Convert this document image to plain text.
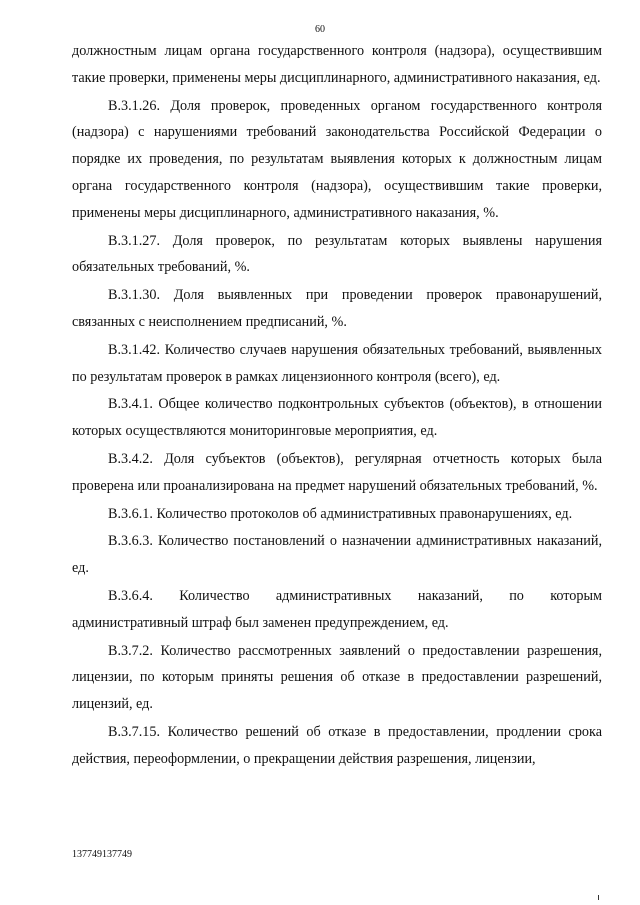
60

должностным лицам органа государственного контроля (надзора), осуществившим такие проверки, применены меры дисциплинарного, административного наказания, ед.

В.3.1.26. Доля проверок, проведенных органом государственного контроля (надзора) с нарушениями требований законодательства Российской Федерации о порядке их проведения, по результатам выявления которых к должностным лицам органа государственного контроля (надзора), осуществившим такие проверки, применены меры дисциплинарного, административного наказания, %.

В.3.1.27. Доля проверок, по результатам которых выявлены нарушения обязательных требований, %.

В.3.1.30. Доля выявленных при проведении проверок правонарушений, связанных с неисполнением предписаний, %.

В.3.1.42. Количество случаев нарушения обязательных требований, выявленных по результатам проверок в рамках лицензионного контроля (всего), ед.

В.3.4.1. Общее количество подконтрольных субъектов (объектов), в отношении которых осуществляются мониторинговые мероприятия, ед.

В.3.4.2. Доля субъектов (объектов), регулярная отчетность которых была проверена или проанализирована на предмет нарушений обязательных требований, %.

В.3.6.1. Количество протоколов об административных правонарушениях, ед.

В.3.6.3. Количество постановлений о назначении административных наказаний, ед.

В.3.6.4. Количество административных наказаний, по которым административный штраф был заменен предупреждением, ед.

В.3.7.2. Количество рассмотренных заявлений о предоставлении разрешения, лицензии, по которым приняты решения об отказе в предоставлении разрешений, лицензий, ед.

В.3.7.15. Количество решений об отказе в предоставлении, продлении срока действия, переоформлении, о прекращении действия разрешения, лицензии,

137749137749
